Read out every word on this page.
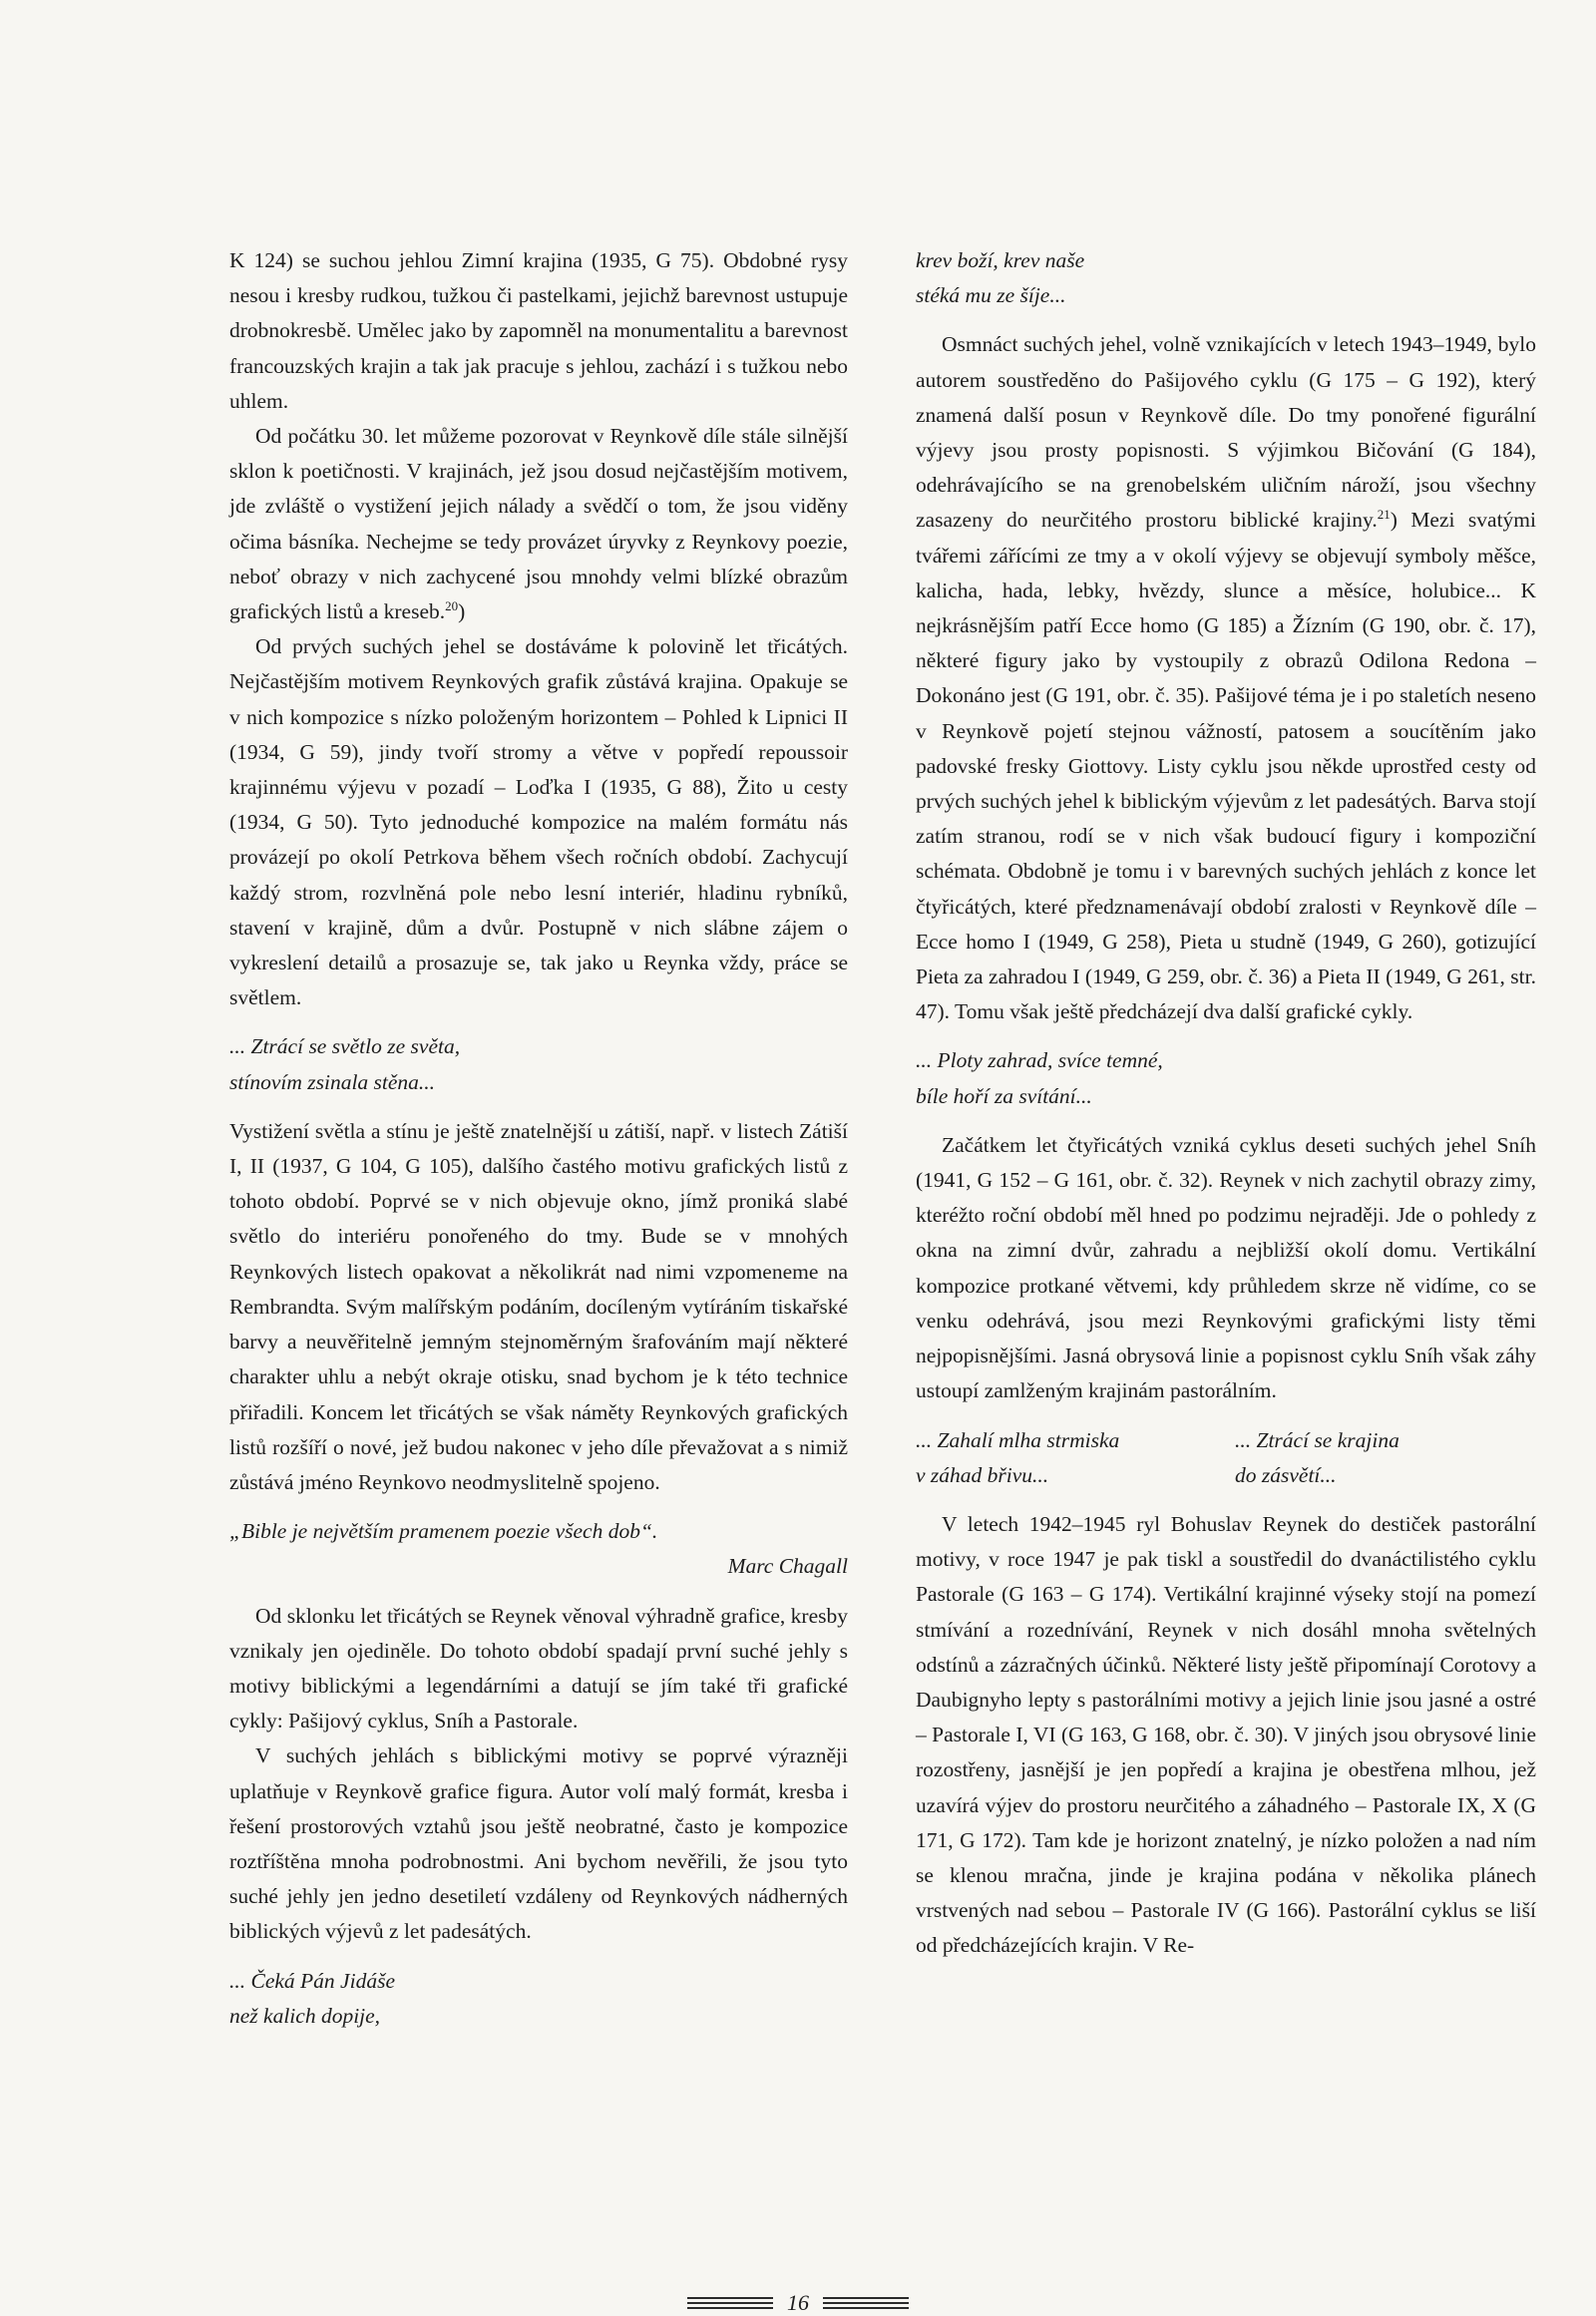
K 124) se suchou jehlou Zimní krajina (1935, G 75). Obdobné rysy nesou i kresby rudkou, tužkou či pastelkami, jejichž barevnost ustupuje drobnokresbě. Umělec jako by zapomněl na monumentalitu a barevnost francouzských krajin a tak jak pracuje s jehlou, zachází i s tužkou nebo uhlem.

Od počátku 30. let můžeme pozorovat v Reynkově díle stále silnější sklon k poetičnosti. V krajinách, jež jsou dosud nejčastějším motivem, jde zvláště o vystižení jejich nálady a svědčí o tom, že jsou viděny očima básníka. Nechejme se tedy provázet úryvky z Reynkovy poezie, neboť obrazy v nich zachycené jsou mnohdy velmi blízké obrazům grafických listů a kreseb.$^{20}$)

Od prvých suchých jehel se dostáváme k polovině let třicátých. Nejčastějším motivem Reynkových grafik zůstává krajina. Opakuje se v nich kompozice s nízko položeným horizontem – Pohled k Lipnici II (1934, G 59), jindy tvoří stromy a větve v popředí repoussoir krajinnému výjevu v pozadí – Loďka I (1935, G 88), Žito u cesty (1934, G 50). Tyto jednoduché kompozice na malém formátu nás provázejí po okolí Petrkova během všech ročních období. Zachycují každý strom, rozvlněná pole nebo lesní interiér, hladinu rybníků, stavení v krajině, dům a dvůr. Postupně v nich slábne zájem o vykreslení detailů a prosazuje se, tak jako u Reynka vždy, práce se světlem.

... Ztrácí se světlo ze světa,
stínovím zsinala stěna...

Vystižení světla a stínu je ještě znatelnější u zátiší, např. v listech Zátiší I, II (1937, G 104, G 105), dalšího častého motivu grafických listů z tohoto období. Poprvé se v nich objevuje okno, jímž proniká slabé světlo do interiéru ponořeného do tmy. Bude se v mnohých Reynkových listech opakovat a několikrát nad nimi vzpomeneme na Rembrandta. Svým malířským podáním, docíleným vytíráním tiskařské barvy a neuvěřitelně jemným stejnoměrným šrafováním mají některé charakter uhlu a nebýt okraje otisku, snad bychom je k této technice přiřadili. Koncem let třicátých se však náměty Reynkových grafických listů rozšíří o nové, jež budou nakonec v jeho díle převažovat a s nimiž zůstává jméno Reynkovo neodmyslitelně spojeno.

„Bible je největším pramenem poezie všech dob“.

Marc Chagall

Od sklonku let třicátých se Reynek věnoval výhradně grafice, kresby vznikaly jen ojediněle. Do tohoto období spadají první suché jehly s motivy biblickými a legendárními a datují se jím také tři grafické cykly: Pašijový cyklus, Sníh a Pastorale.

V suchých jehlách s biblickými motivy se poprvé výrazněji uplatňuje v Reynkově grafice figura. Autor volí malý formát, kresba i řešení prostorových vztahů jsou ještě neobratné, často je kompozice roztříštěna mnoha podrobnostmi. Ani bychom nevěřili, že jsou tyto suché jehly jen jedno desetiletí vzdáleny od Reynkových nádherných biblických výjevů z let padesátých.

... Čeká Pán Jidáše
než kalich dopije,
krev boží, krev naše
stéká mu ze šíje...

Osmnáct suchých jehel, volně vznikajících v letech 1943–1949, bylo autorem soustředěno do Pašijového cyklu (G 175 – G 192), který znamená další posun v Reynkově díle. Do tmy ponořené figurální výjevy jsou prosty popisnosti. S výjimkou Bičování (G 184), odehrávajícího se na grenobelském uličním nároží, jsou všechny zasazeny do neurčitého prostoru biblické krajiny.$^{21}$) Mezi svatými tvářemi zářícími ze tmy a v okolí výjevy se objevují symboly měšce, kalicha, hada, lebky, hvězdy, slunce a měsíce, holubice... K nejkrásnějším patří Ecce homo (G 185) a Žízním (G 190, obr. č. 17), některé figury jako by vystoupily z obrazů Odilona Redona – Dokonáno jest (G 191, obr. č. 35). Pašijové téma je i po staletích neseno v Reynkově pojetí stejnou vážností, patosem a soucítěním jako padovské fresky Giottovy. Listy cyklu jsou někde uprostřed cesty od prvých suchých jehel k biblickým výjevům z let padesátých. Barva stojí zatím stranou, rodí se v nich však budoucí figury i kompoziční schémata. Obdobně je tomu i v barevných suchých jehlách z konce let čtyřicátých, které předznamenávají období zralosti v Reynkově díle – Ecce homo I (1949, G 258), Pieta u studně (1949, G 260), gotizující Pieta za zahradou I (1949, G 259, obr. č. 36) a Pieta II (1949, G 261, str. 47). Tomu však ještě předcházejí dva další grafické cykly.

... Ploty zahrad, svíce temné,
bíle hoří za svítání...

Začátkem let čtyřicátých vzniká cyklus deseti suchých jehel Sníh (1941, G 152 – G 161, obr. č. 32). Reynek v nich zachytil obrazy zimy, kteréžto roční období měl hned po podzimu nejraději. Jde o pohledy z okna na zimní dvůr, zahradu a nejbližší okolí domu. Vertikální kompozice protkané větvemi, kdy průhledem skrze ně vidíme, co se venku odehrává, jsou mezi Reynkovými grafickými listy těmi nejpopisnějšími. Jasná obrysová linie a popisnost cyklu Sníh však záhy ustoupí zamlženým krajinám pastorálním.

... Zahalí mlha strmiska
v záhad břivu...
... Ztrácí se krajina
do zásvětí...

V letech 1942–1945 ryl Bohuslav Reynek do destiček pastorální motivy, v roce 1947 je pak tiskl a soustředil do dvanáctilistého cyklu Pastorale (G 163 – G 174). Vertikální krajinné výseky stojí na pomezí stmívání a rozednívání, Reynek v nich dosáhl mnoha světelných odstínů a zázračných účinků. Některé listy ještě připomínají Corotovy a Daubignyho lepty s pastorálními motivy a jejich linie jsou jasné a ostré – Pastorale I, VI (G 163, G 168, obr. č. 30). V jiných jsou obrysové linie rozostřeny, jasnější je jen popředí a krajina je obestřena mlhou, jež uzavírá výjev do prostoru neurčitého a záhadného – Pastorale IX, X (G 171, G 172). Tam kde je horizont znatelný, je nízko položen a nad ním se klenou mračna, jinde je krajina podána v několika plánech vrstvených nad sebou – Pastorale IV (G 166). Pastorální cyklus se liší od předcházejících krajin. V Re-

16
